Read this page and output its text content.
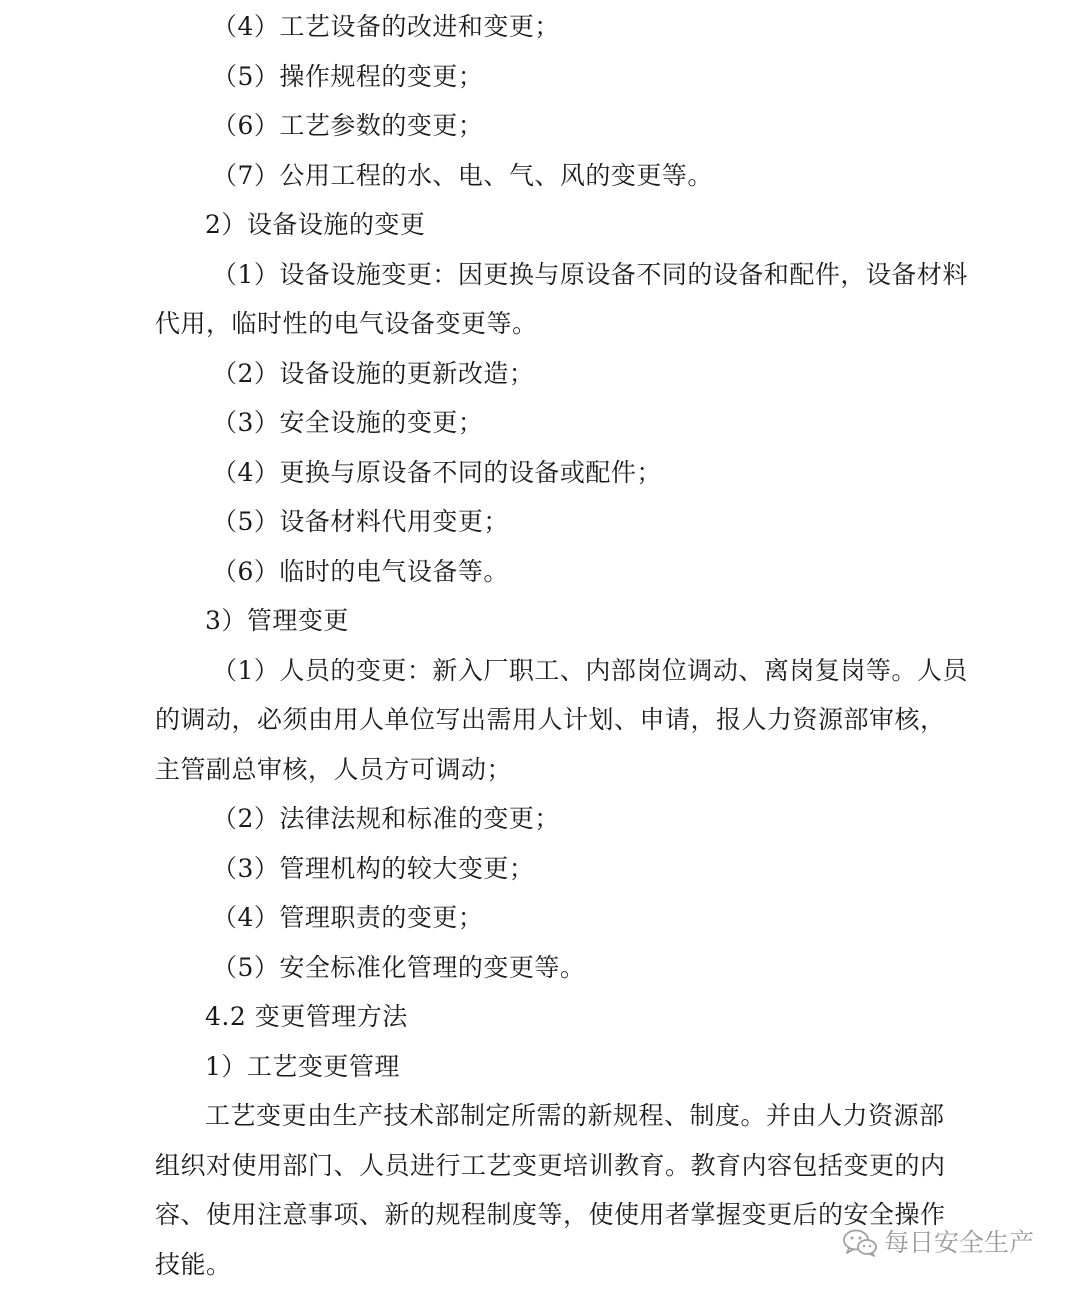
（4）工艺设备的改进和变更；
（5）操作规程的变更；
（6）工艺参数的变更；
（7）公用工程的水、电、气、风的变更等。
2）设备设施的变更
（1）设备设施变更：因更换与原设备不同的设备和配件，设备材料
代用，临时性的电气设备变更等。
（2）设备设施的更新改造；
（3）安全设施的变更；
（4）更换与原设备不同的设备或配件；
（5）设备材料代用变更；
（6）临时的电气设备等。
3）管理变更
（1）人员的变更：新入厂职工、内部岗位调动、离岗复岗等。人员
的调动，必须由用人单位写出需用人计划、申请，报人力资源部审核，
主管副总审核，人员方可调动；
（2）法律法规和标准的变更；
（3）管理机构的较大变更；
（4）管理职责的变更；
（5）安全标准化管理的变更等。
4.2 变更管理方法
1）工艺变更管理
工艺变更由生产技术部制定所需的新规程、制度。并由人力资源部
组织对使用部门、人员进行工艺变更培训教育。教育内容包括变更的内
容、使用注意事项、新的规程制度等，使使用者掌握变更后的安全操作
技能。
每日安全生产
